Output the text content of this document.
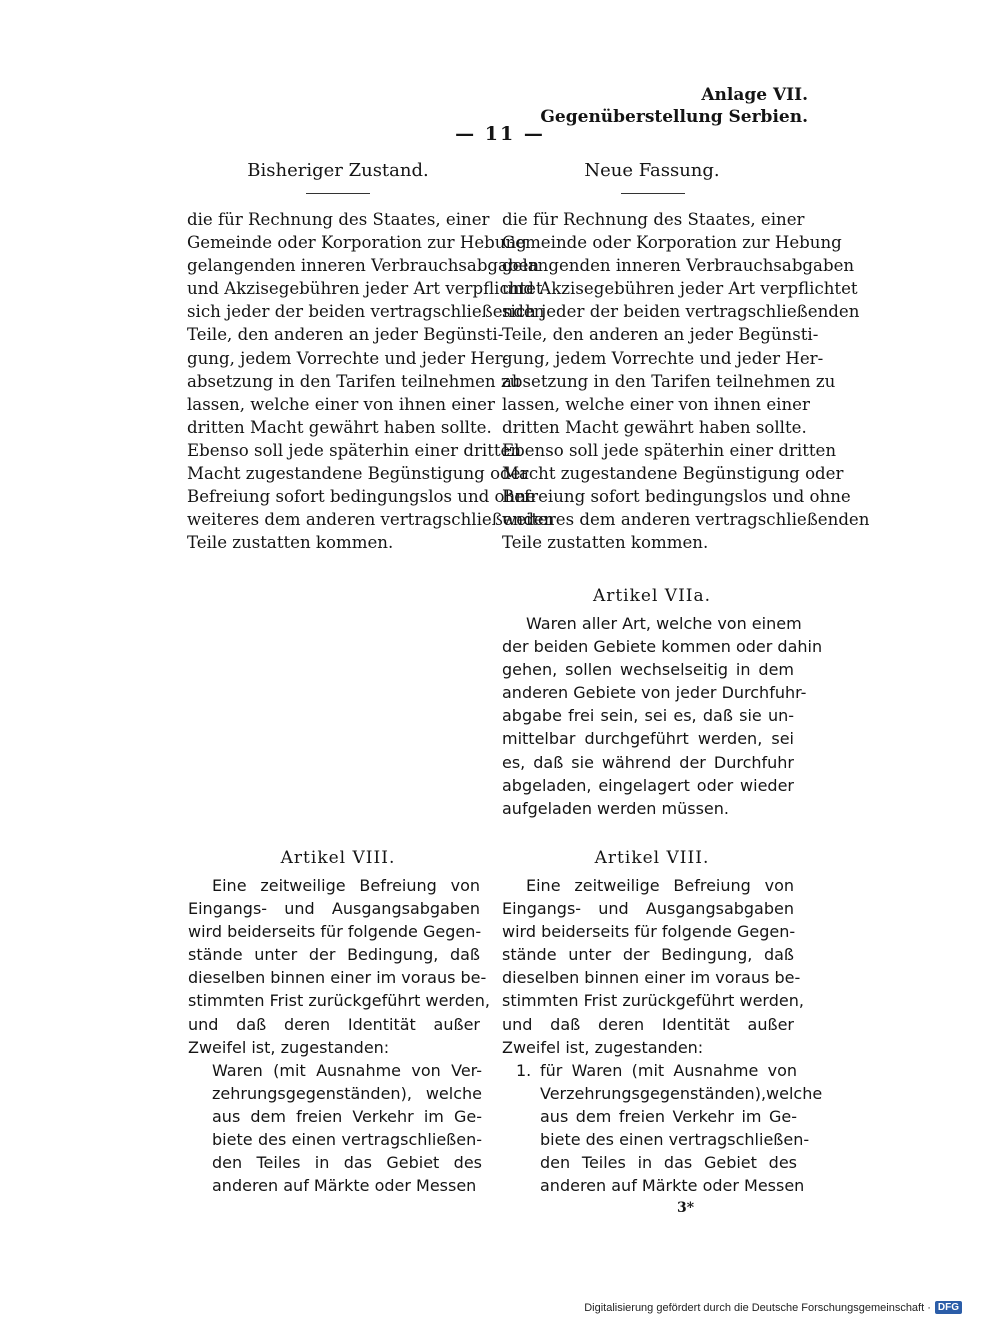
Anlage VII.
Gegenüberstellung Serbien.
— 11 —
Bisheriger Zustand.	Neue Fassung.
die für Rechnung des Staates, einer
Gemeinde oder Korporation zur Hebung
gelangenden inneren Verbrauchsabgaben
und Akzisegebühren jeder Art verpflichtet
sich jeder der beiden vertragschließenden
Teile, den anderen an jeder Begünsti-
gung, jedem Vorrechte und jeder Her-
absetzung in den Tarifen teilnehmen zu
lassen, welche einer von ihnen einer
dritten Macht gewährt haben sollte.
Ebenso soll jede späterhin einer dritten
Macht zugestandene Begünstigung oder
Befreiung sofort bedingungslos und ohne
weiteres dem anderen vertragschließenden
Teile zustatten kommen.
die für Rechnung des Staates, einer
Gemeinde oder Korporation zur Hebung
gelangenden inneren Verbrauchsabgaben
und Akzisegebühren jeder Art verpflichtet
sich jeder der beiden vertragschließenden
Teile, den anderen an jeder Begünsti-
gung, jedem Vorrechte und jeder Her-
absetzung in den Tarifen teilnehmen zu
lassen, welche einer von ihnen einer
dritten Macht gewährt haben sollte.
Ebenso soll jede späterhin einer dritten
Macht zugestandene Begünstigung oder
Befreiung sofort bedingungslos und ohne
weiteres dem anderen vertragschließenden
Teile zustatten kommen.
Artikel VIIa.
Waren aller Art, welche von einem
der beiden Gebiete kommen oder dahin
gehen, sollen wechselseitig in dem
anderen Gebiete von jeder Durchfuhr-
abgabe frei sein, sei es, daß sie un-
mittelbar durchgeführt werden, sei
es, daß sie während der Durchfuhr
abgeladen, eingelagert oder wieder
aufgeladen werden müssen.
Artikel VIII.
Eine zeitweilige Befreiung von
Eingangs- und Ausgangsabgaben
wird beiderseits für folgende Gegen-
stände unter der Bedingung, daß
dieselben binnen einer im voraus be-
stimmten Frist zurückgeführt werden,
und daß deren Identität außer
Zweifel ist, zugestanden:
Waren (mit Ausnahme von Ver-
zehrungsgegenständen), welche
aus dem freien Verkehr im Ge-
biete des einen vertragschließen-
den Teiles in das Gebiet des
anderen auf Märkte oder Messen
Artikel VIII.
Eine zeitweilige Befreiung von
Eingangs- und Ausgangsabgaben
wird beiderseits für folgende Gegen-
stände unter der Bedingung, daß
dieselben binnen einer im voraus be-
stimmten Frist zurückgeführt werden,
und daß deren Identität außer
Zweifel ist, zugestanden:
1. für Waren (mit Ausnahme von
Verzehrungsgegenständen),welche
aus dem freien Verkehr im Ge-
biete des einen vertragschließen-
den Teiles in das Gebiet des
anderen auf Märkte oder Messen
3*
Digitalisierung gefördert durch die Deutsche Forschungsgemeinschaft · DFG
